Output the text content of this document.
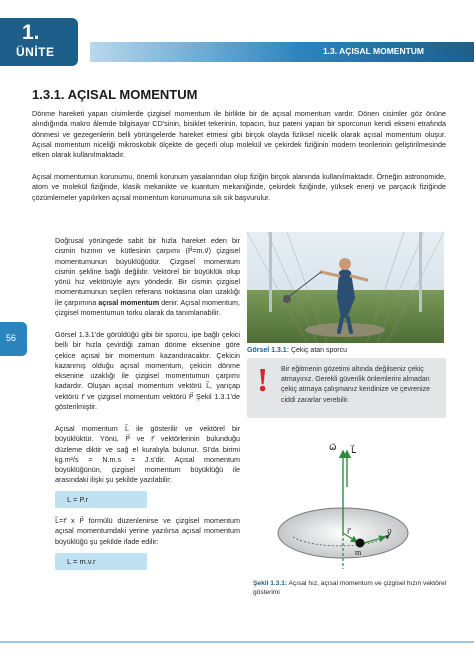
1.
ÜNİTE	1.3. AÇISAL MOMENTUM
56
1.3.1. AÇISAL MOMENTUM

Dönme hareketi yapan cisimlerde çizgisel momentum ile birlikte bir de açısal momentum vardır. Dönen cisimler göz önüne alındığında makro âlemde bilgisayar CD’sinin, bisiklet tekerinin, topacın, buz pateni yapan bir sporcunun kendi ekseni etrafında dönmesi ve gezegenlerin belli yörüngelerde hareket etmesi gibi birçok olayda fiziksel nicelik olarak açısal momentum oluşur. Açısal momentum niceliği mikroskobik ölçekte de geçerli olup molekül ve çekirdek fiziğinin modern teorilerinin geliştirilmesinde etken olarak kullanılmaktadır.

Açısal momentumun korunumu, önemli korunum yasalarından olup fiziğin birçok alanında kullanılmaktadır. Örneğin astronomide, atom ve molekül fiziğinde, klasik mekanikte ve kuantum mekaniğinde, çekirdek fiziğinde, yüksek enerji ve parçacık fiziğinde çözümlemeler yapılırken açısal momentum korunumuna sık sık başvurulur.

Doğrusal yörüngede sabit bir hızla hareket eden bir cismin hızının ve kütlesinin çarpımı (P⃗=m.v⃗) çizgisel momentumunun büyüklüğüdür. Çizgisel momentum cismin şekline bağlı değildir. Vektörel bir büyüklük olup yönü hız vektörüyle aynı yöndedir. Bir cismin çizgisel momentumunun seçilen referans noktasına olan uzaklığı ile çarpımına açısal momentum denir. Açısal momentum, çizgisel momentumun torku olarak da tanımlanabilir.

Görsel 1.3.1’de görüldüğü gibi bir sporcu, ipe bağlı çekici belli bir hızla çevirdiği zaman dönme eksenine göre çekice açısal bir momentum kazandıracaktır. Çekicin kazanmış olduğu açısal momentum, çekicin dönme eksenine uzaklığı ile çizgisel momentumun çarpımı kadardır. Oluşan açısal momentum vektörü L⃗, yarıçap vektörü r⃗ ve çizgisel momentum vektörü P⃗ Şekil 1.3.1’de gösterilmiştir.

Açısal momentum L⃗ ile gösterilir ve vektörel bir büyüklüktür. Yönü, P⃗ ve r⃗ vektörlerinin bulunduğu düzleme diktir ve sağ el kuralıyla bulunur. SI’da birimi kg.m²/s = N.m.s = J.s’dir. Açısal momentum büyüklüğünün, çizgisel momentum büyüklüğü ile arasındaki ilişki şu şekilde yazılabilir:

L = P.r

L⃗=r⃗ x P⃗ formülü düzenlenirse ve çizgisel momentum açısal momentumdaki yerine yazılırsa açısal momentum büyüklüğü şu şekilde ifade edilir:

L = m.v.r
Görsel 1.3.1: Çekiç atan sporcu
! Bir eğitmenin gözetimi altında değilseniz çekiç atmayınız. Gerekli güvenlik önlemlerini almadan çekiç atmaya çalışmanız kendinize ve çevrenize ciddi zararlar verebilir.

ω⃗ L⃗
r⃗
m
v⃗
Şekil 1.3.1: Açısal hız, açısal momentum ve çizgisel hızın vektörel gösterimi
